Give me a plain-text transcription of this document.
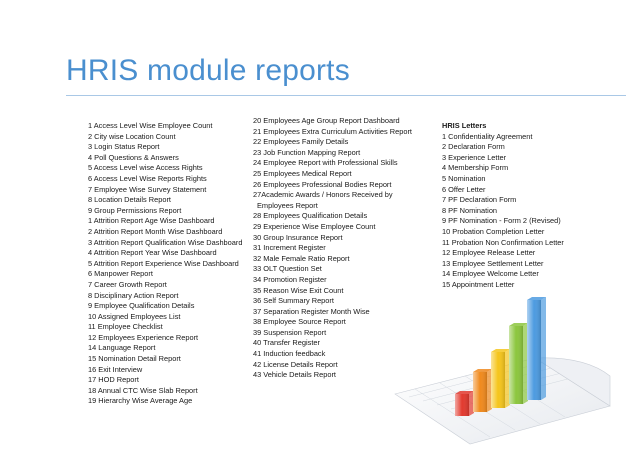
HRIS module reports
1 Access Level Wise Employee Count
2 City wise Location Count
3 Login Status Report
4 Poll Questions & Answers
5 Access Level wise Access Rights
6 Access Level Wise Reports Rights
7 Employee Wise Survey Statement
8 Location Details Report
9 Group Permissions Report
1 Attrition Report Age Wise Dashboard
2 Attrition Report Month Wise Dashboard
3 Attrition Report Qualification Wise Dashboard
4 Attrition Report Year Wise Dashboard
5 Attrition Report Experience Wise Dashboard
6 Manpower Report
7 Career Growth Report
8 Disciplinary Action Report
9 Employee Qualification Details
10 Assigned Employees List
11 Employee Checklist
12 Employees Experience Report
14 Language Report
15 Nomination Detail Report
16 Exit Interview
17 HOD Report
18 Annual CTC Wise Slab Report
19 Hierarchy Wise Average Age
20 Employees Age Group Report Dashboard
21 Employees Extra Curriculum Activities Report
22 Employees Family Details
23 Job Function Mapping Report
24 Employee Report with Professional Skills
25 Employees Medical Report
26 Employees Professional Bodies Report
27Academic Awards / Honors Received by
Employees Report
28 Employees Qualification Details
29 Experience Wise Employee Count
30 Group Insurance Report
31 Increment Register
32 Male Female Ratio Report
33 OLT Question Set
34 Promotion Register
35 Reason Wise Exit Count
36 Self Summary Report
37 Separation Register Month Wise
38 Employee Source Report
39 Suspension Report
40 Transfer Register
41 Induction feedback
42 License Details Report
43 Vehicle Details Report
HRIS Letters
1 Confidentiality Agreement
2 Declaration Form
3 Experience Letter
4 Membership Form
5 Nomination
6 Offer Letter
7 PF Declaration Form
8 PF Nomination
9 PF Nomination - Form 2 (Revised)
10 Probation Completion Letter
11 Probation Non Confirmation Letter
12 Employee Release Letter
13 Employee Settlement Letter
14 Employee Welcome Letter
15 Appointment Letter
